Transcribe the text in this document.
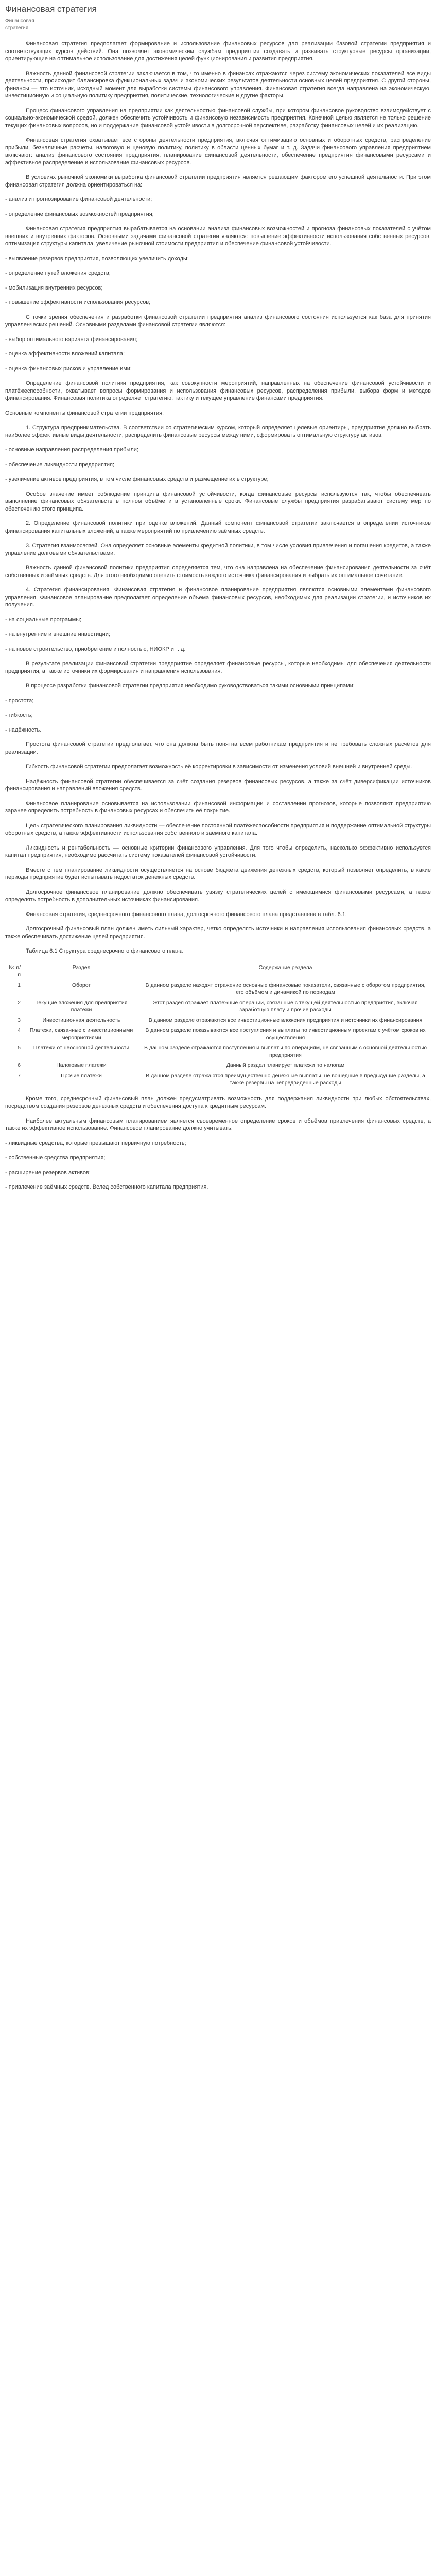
Финансовая стратегия
Финансовая
стратегия

Финансовая стратегия предполагает формирование и использование финансовых ресурсов для реализации базовой стратегии предприятия и соответствующих курсов действий. Она позволяет экономическим службам предприятия создавать и развивать структурные ресурсы организации, ориентирующие на оптимальное использование для достижения целей функционирования и развития предприятия.

Важность данной финансовой стратегии заключается в том, что именно в финансах отражаются через систему экономических показателей все виды деятельности, происходит балансировка функциональных задач и экономических результатов деятельности основных целей предприятия. С другой стороны, финансы — это источник, исходный момент для выработки системы финансового управления. Финансовая стратегия всегда направлена на экономическую, инвестиционную и социальную политику предприятия, политические, технологические и другие факторы.

Процесс финансового управления на предприятии как деятельностью финансовой службы, при котором финансовое руководство взаимодействует с социально-экономической средой, должен обеспечить устойчивость и финансовую независимость предприятия. Конечной целью является не только решение текущих финансовых вопросов, но и поддержание финансовой устойчивости в долгосрочной перспективе, разработку финансовых целей и их реализацию.

Финансовая стратегия охватывает все стороны деятельности предприятия, включая оптимизацию основных и оборотных средств, распределение прибыли, безналичные расчёты, налоговую и ценовую политику, политику в области ценных бумаг и т. д. Задачи финансового управления предприятием включают: анализ финансового состояния предприятия, планирование финансовой деятельности, обеспечение предприятия финансовыми ресурсами и эффективное распределение и использование финансовых ресурсов.

В условиях рыночной экономики выработка финансовой стратегии предприятия является решающим фактором его успешной деятельности. При этом финансовая стратегия должна ориентироваться на:

- анализ и прогнозирование финансовой деятельности;

- определение финансовых возможностей предприятия;

Финансовая стратегия предприятия вырабатывается на основании анализа финансовых возможностей и прогноза финансовых показателей с учётом внешних и внутренних факторов. Основными задачами финансовой стратегии являются: повышение эффективности использования собственных ресурсов, оптимизация структуры капитала, увеличение рыночной стоимости предприятия и обеспечение финансовой устойчивости.

- выявление резервов предприятия, позволяющих увеличить доходы;

- определение путей вложения средств;

- мобилизация внутренних ресурсов;

- повышение эффективности использования ресурсов;

С точки зрения обеспечения и разработки финансовой стратегии предприятия анализ финансового состояния используется как база для принятия управленческих решений. Основными разделами финансовой стратегии являются:

- выбор оптимального варианта финансирования;

- оценка эффективности вложений капитала;

- оценка финансовых рисков и управление ими;

Определение финансовой политики предприятия, как совокупности мероприятий, направленных на обеспечение финансовой устойчивости и платёжеспособности, охватывает вопросы формирования и использования финансовых ресурсов, распределения прибыли, выбора форм и методов финансирования. Финансовая политика определяет стратегию, тактику и текущее управление финансами предприятия.

Основные компоненты финансовой стратегии предприятия:

1. Структура предпринимательства. В соответствии со стратегическим курсом, который определяет целевые ориентиры, предприятие должно выбрать наиболее эффективные виды деятельности, распределить финансовые ресурсы между ними, сформировать оптимальную структуру активов.

- основные направления распределения прибыли;

- обеспечение ликвидности предприятия;

- увеличение активов предприятия, в том числе финансовых средств и размещение их в структуре;

Особое значение имеет соблюдение принципа финансовой устойчивости, когда финансовые ресурсы используются так, чтобы обеспечивать выполнение финансовых обязательств в полном объёме и в установленные сроки. Финансовые службы предприятия разрабатывают систему мер по обеспечению этого принципа.

2. Определение финансовой политики при оценке вложений. Данный компонент финансовой стратегии заключается в определении источников финансирования капитальных вложений, а также мероприятий по привлечению заёмных средств.

3. Стратегия взаимосвязей. Она определяет основные элементы кредитной политики, в том числе условия привлечения и погашения кредитов, а также управление долговыми обязательствами.

Важность данной финансовой политики предприятия определяется тем, что она направлена на обеспечение финансирования деятельности за счёт собственных и заёмных средств. Для этого необходимо оценить стоимость каждого источника финансирования и выбрать их оптимальное сочетание.

4. Стратегия финансирования. Финансовая стратегия и финансовое планирование предприятия являются основными элементами финансового управления. Финансовое планирование предполагает определение объёма финансовых ресурсов, необходимых для реализации стратегии, и источников их получения.

- на социальные программы;

- на внутренние и внешние инвестиции;

- на новое строительство, приобретение и полностью, НИОКР и т. д.

В результате реализации финансовой стратегии предприятие определяет финансовые ресурсы, которые необходимы для обеспечения деятельности предприятия, а также источники их формирования и направления использования.

В процессе разработки финансовой стратегии предприятия необходимо руководствоваться такими основными принципами:

- простота;

- гибкость;

- надёжность.

Простота финансовой стратегии предполагает, что она должна быть понятна всем работникам предприятия и не требовать сложных расчётов для реализации.

Гибкость финансовой стратегии предполагает возможность её корректировки в зависимости от изменения условий внешней и внутренней среды.

Надёжность финансовой стратегии обеспечивается за счёт создания резервов финансовых ресурсов, а также за счёт диверсификации источников финансирования и направлений вложения средств.

Финансовое планирование основывается на использовании финансовой информации и составлении прогнозов, которые позволяют предприятию заранее определить потребность в финансовых ресурсах и обеспечить её покрытие.

Цель стратегического планирования ликвидности — обеспечение постоянной платёжеспособности предприятия и поддержание оптимальной структуры оборотных средств, а также эффективности использования собственного и заёмного капитала.

Ликвидность и рентабельность — основные критерии финансового управления. Для того чтобы определить, насколько эффективно используется капитал предприятия, необходимо рассчитать систему показателей финансовой устойчивости.

Вместе с тем планирование ликвидности осуществляется на основе бюджета движения денежных средств, который позволяет определить, в какие периоды предприятие будет испытывать недостаток денежных средств.

Долгосрочное финансовое планирование должно обеспечивать увязку стратегических целей с имеющимися финансовыми ресурсами, а также определять потребность в дополнительных источниках финансирования.

Финансовая стратегия, среднесрочного финансового плана, долгосрочного финансового плана представлена в табл. 6.1.

Долгосрочный финансовый план должен иметь сильный характер, четко определять источники и направления использования финансовых средств, а также обеспечивать достижение целей предприятия.

Таблица 6.1 Структура среднесрочного финансового плана

№ п/п	Раздел	Содержание раздела
1	Оборот	В данном разделе находят отражение основные финансовые показатели, связанные с оборотом предприятия, его объёмом и динамикой по периодам
2	Текущие вложения для предприятия платежи	Этот раздел отражает платёжные операции, связанные с текущей деятельностью предприятия, включая заработную плату и прочие расходы
3	Инвестиционная деятельность	В данном разделе отражаются все инвестиционные вложения предприятия и источники их финансирования
4	Платежи, связанные с инвестиционными мероприятиями	В данном разделе показываются все поступления и выплаты по инвестиционным проектам с учётом сроков их осуществления
5	Платежи от неосновной деятельности	В данном разделе отражаются поступления и выплаты по операциям, не связанным с основной деятельностью предприятия
6	Налоговые платежи	Данный раздел планирует платежи по налогам
7	Прочие платежи	В данном разделе отражаются преимущественно денежные выплаты, не вошедшие в предыдущие разделы, а также резервы на непредвиденные расходы

Кроме того, среднесрочный финансовый план должен предусматривать возможность для поддержания ликвидности при любых обстоятельствах, посредством создания резервов денежных средств и обеспечения доступа к кредитным ресурсам.

Наиболее актуальным финансовым планированием является своевременное определение сроков и объёмов привлечения финансовых средств, а также их эффективное использование. Финансовое планирование должно учитывать:

- ликвидные средства, которые превышают первичную потребность;

- собственные средства предприятия;

- расширение резервов активов;

- привлечение заёмных средств. Вслед собственного капитала предприятия.
